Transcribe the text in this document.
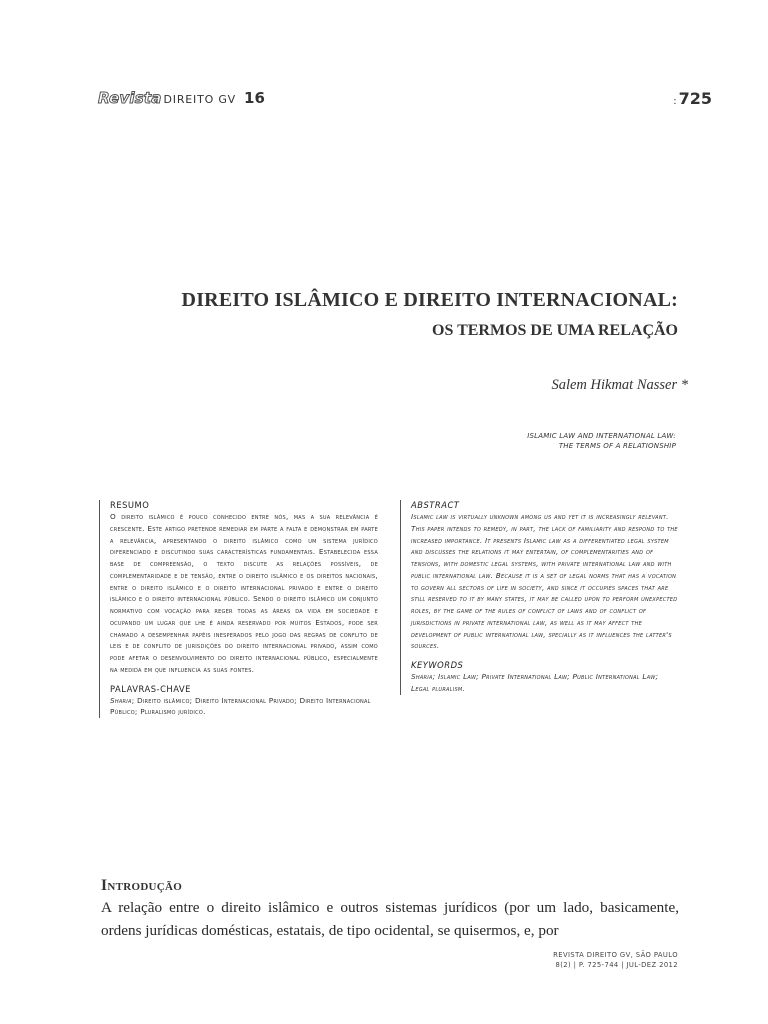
Revista DIREITO GV 16	: 725
DIREITO ISLÂMICO E DIREITO INTERNACIONAL:
OS TERMOS DE UMA RELAÇÃO
Salem Hikmat Nasser *
ISLAMIC LAW AND INTERNATIONAL LAW:
THE TERMS OF A RELATIONSHIP
RESUMO

O direito islâmico é pouco conhecido entre nós, mas a sua relevância é crescente. Este artigo pretende remediar em parte a falta e demonstrar em parte a relevância, apresentando o direito islâmico como um sistema jurídico diferenciado e discutindo suas características fundamentais. Estabelecida essa base de compreensão, o texto discute as relações possíveis, de complementaridade e de tensão, entre o direito islâmico e os direitos nacionais, entre o direito islâmico e o direito internacional privado e entre o direito islâmico e o direito internacional público. Sendo o direito islâmico um conjunto normativo com vocação para reger todas as áreas da vida em sociedade e ocupando um lugar que lhe é ainda reservado por muitos Estados, pode ser chamado a desempenhar papéis inesperados pelo jogo das regras de conflito de leis e de conflito de jurisdições do direito internacional privado, assim como pode afetar o desenvolvimento do direito internacional público, especialmente na medida em que influencia as suas fontes.

PALAVRAS-CHAVE

Sharia; Direito islâmico; Direito Internacional Privado; Direito Internacional Público; Pluralismo jurídico.

ABSTRACT

Islamic law is virtually unknown among us and yet it is increasingly relevant. This paper intends to remedy, in part, the lack of familiarity and respond to the increased importance. It presents Islamic law as a differentiated legal system and discusses the relations it may entertain, of complementarities and of tensions, with domestic legal systems, with private international law and with public international law. Because it is a set of legal norms that has a vocation to govern all sectors of life in society, and since it occupies spaces that are still reserved to it by many states, it may be called upon to perform unexpected roles, by the game of the rules of conflict of laws and of conflict of jurisdictions in private international law, as well as it may affect the development of public international law, specially as it influences the latter's sources.

KEYWORDS

Sharia; Islamic Law; Private International Law; Public International Law; Legal pluralism.

Introdução
A relação entre o direito islâmico e outros sistemas jurídicos (por um lado, basicamente, ordens jurídicas domésticas, estatais, de tipo ocidental, se quisermos, e, por
REVISTA DIREITO GV, SÃO PAULO
8(2) | P. 725-744 | JUL-DEZ 2012
